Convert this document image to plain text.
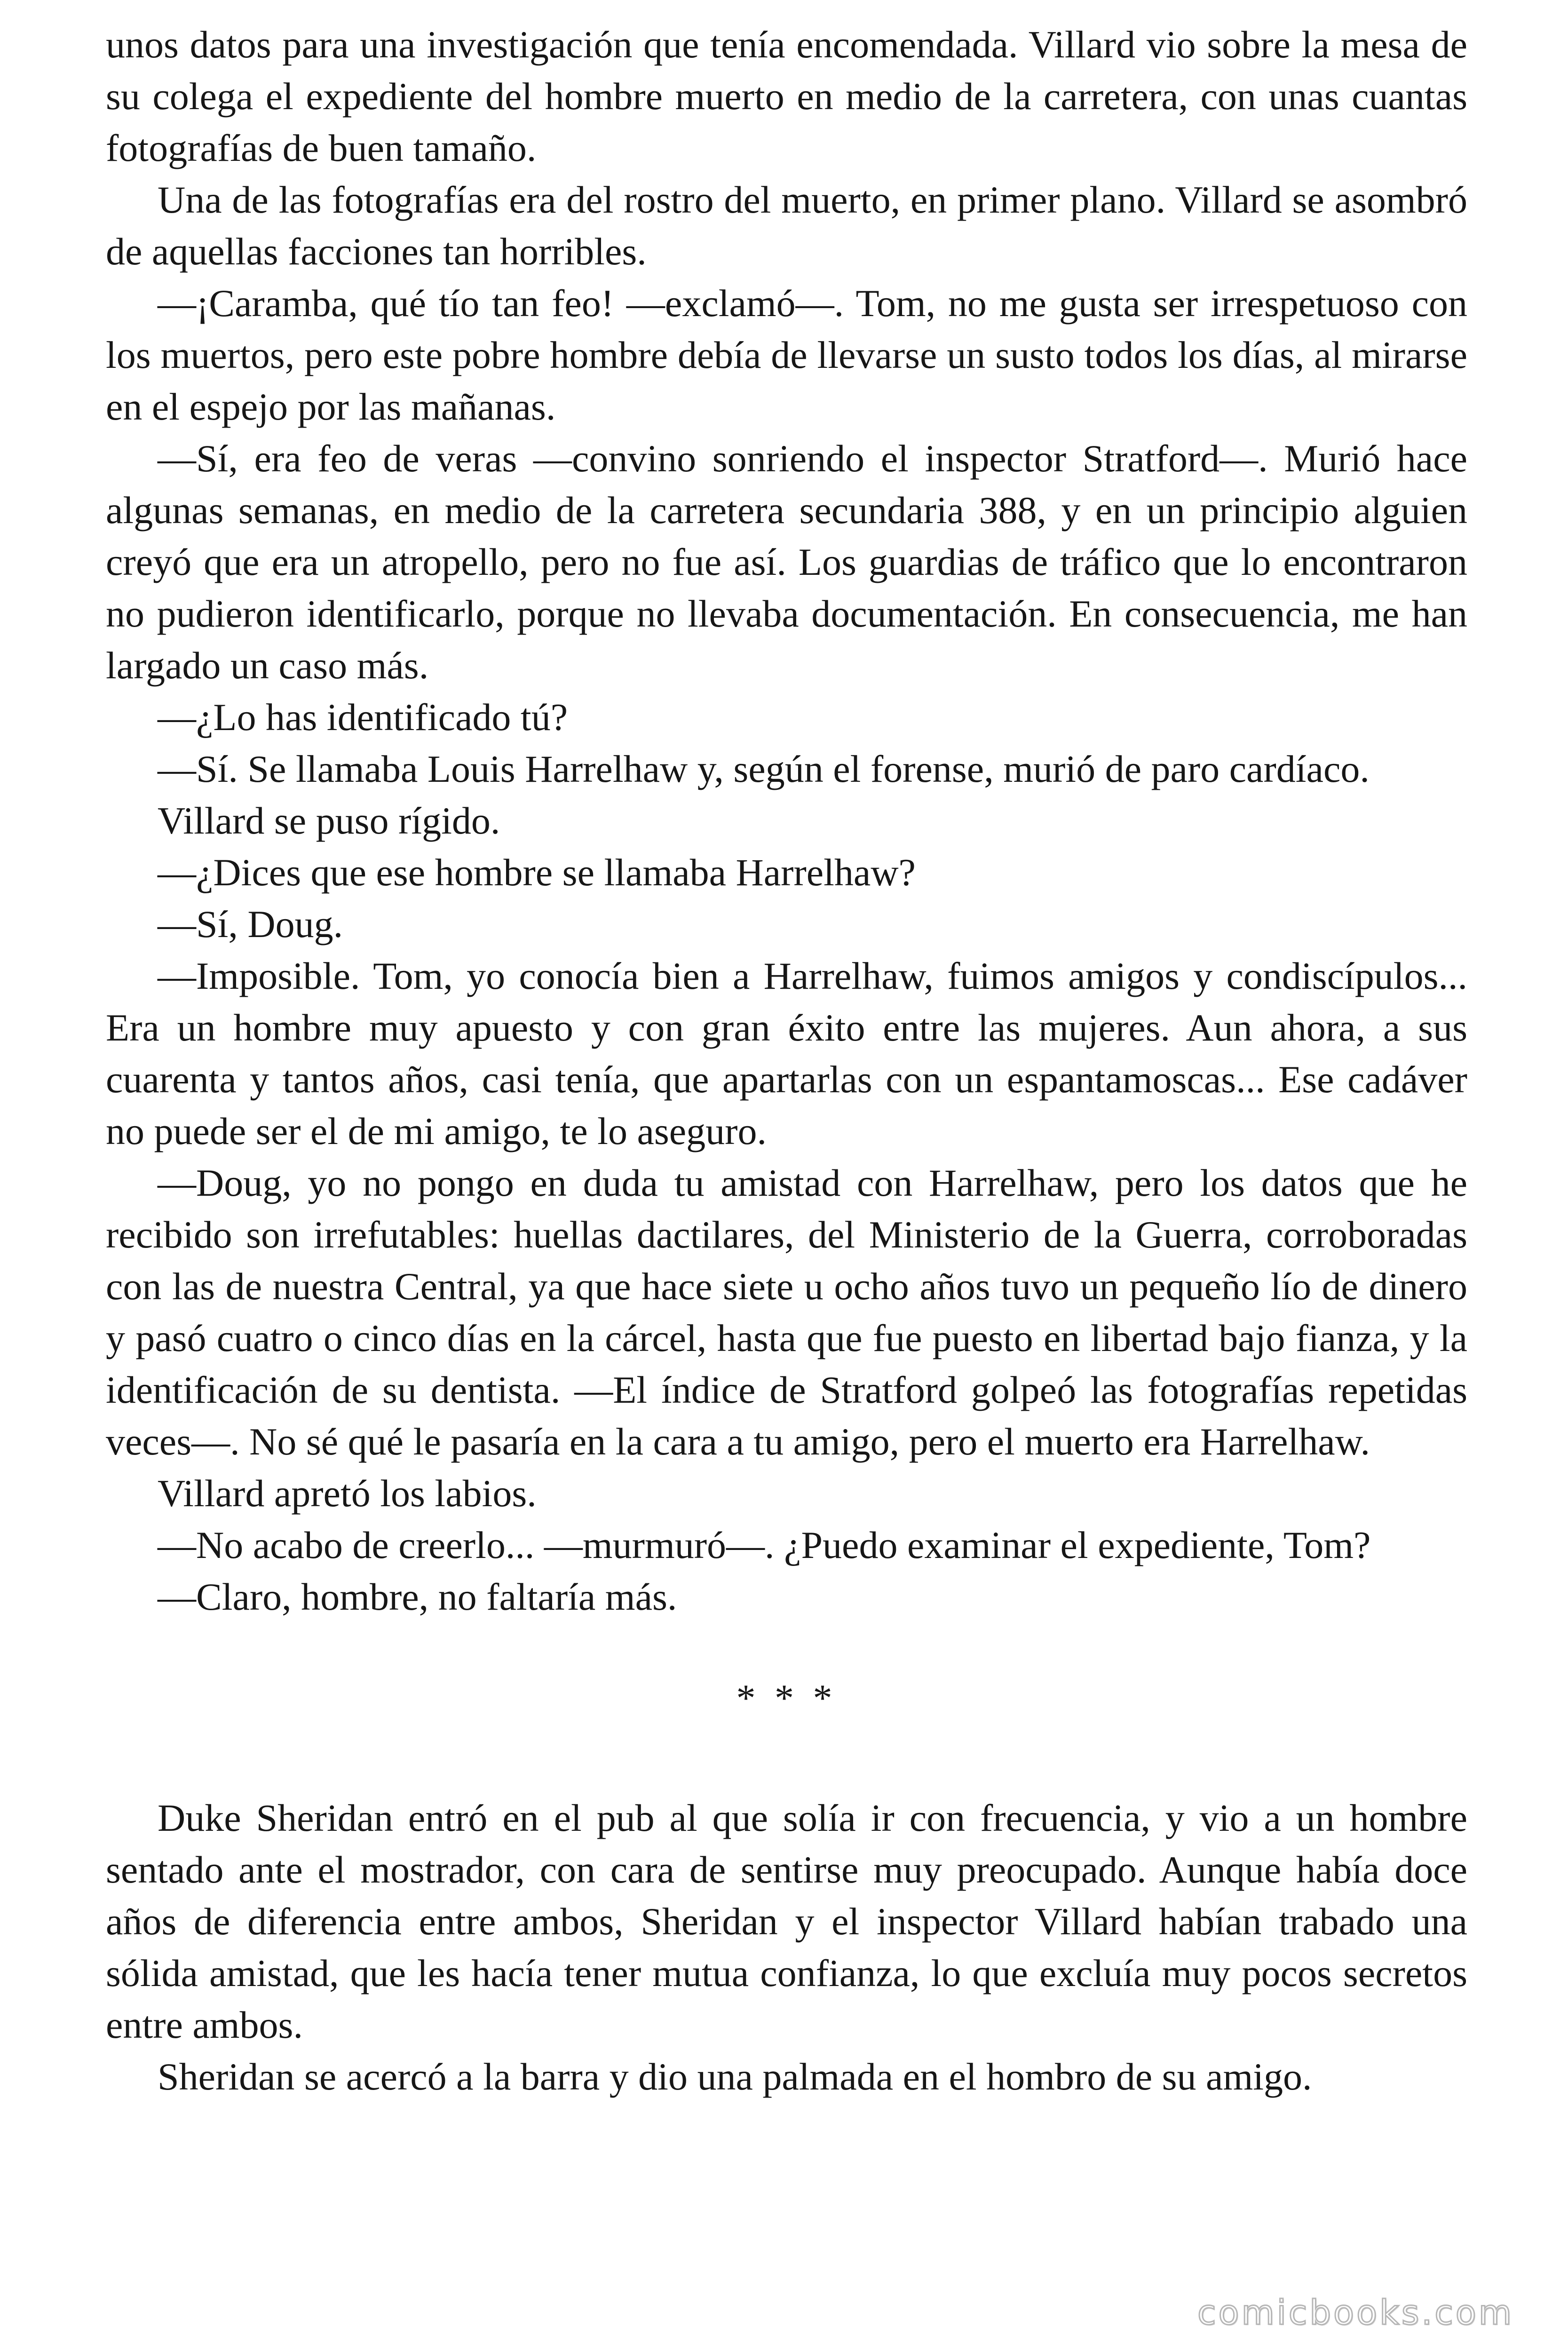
unos datos para una investigación que tenía encomendada. Villard vio sobre la mesa de su colega el expediente del hombre muerto en medio de la carretera, con unas cuantas fotografías de buen tamaño.

Una de las fotografías era del rostro del muerto, en primer plano. Villard se asombró de aquellas facciones tan horribles.

—¡Caramba, qué tío tan feo! —exclamó—. Tom, no me gusta ser irrespetuoso con los muertos, pero este pobre hombre debía de llevarse un susto todos los días, al mirarse en el espejo por las mañanas.

—Sí, era feo de veras —convino sonriendo el inspector Stratford—. Murió hace algunas semanas, en medio de la carretera secundaria 388, y en un principio alguien creyó que era un atropello, pero no fue así. Los guardias de tráfico que lo encontraron no pudieron identificarlo, porque no llevaba documentación. En consecuencia, me han largado un caso más.

—¿Lo has identificado tú?

—Sí. Se llamaba Louis Harrelhaw y, según el forense, murió de paro cardíaco.

Villard se puso rígido.

—¿Dices que ese hombre se llamaba Harrelhaw?

—Sí, Doug.

—Imposible. Tom, yo conocía bien a Harrelhaw, fuimos amigos y condiscípulos... Era un hombre muy apuesto y con gran éxito entre las mujeres. Aun ahora, a sus cuarenta y tantos años, casi tenía, que apartarlas con un espantamoscas... Ese cadáver no puede ser el de mi amigo, te lo aseguro.

—Doug, yo no pongo en duda tu amistad con Harrelhaw, pero los datos que he recibido son irrefutables: huellas dactilares, del Ministerio de la Guerra, corroboradas con las de nuestra Central, ya que hace siete u ocho años tuvo un pequeño lío de dinero y pasó cuatro o cinco días en la cárcel, hasta que fue puesto en libertad bajo fianza, y la identificación de su dentista. —El índice de Stratford golpeó las fotografías repetidas veces—. No sé qué le pasaría en la cara a tu amigo, pero el muerto era Harrelhaw.

Villard apretó los labios.

—No acabo de creerlo... —murmuró—. ¿Puedo examinar el expediente, Tom?

—Claro, hombre, no faltaría más.

* * *

Duke Sheridan entró en el pub al que solía ir con frecuencia, y vio a un hombre sentado ante el mostrador, con cara de sentirse muy preocupado. Aunque había doce años de diferencia entre ambos, Sheridan y el inspector Villard habían trabado una sólida amistad, que les hacía tener mutua confianza, lo que excluía muy pocos secretos entre ambos.

Sheridan se acercó a la barra y dio una palmada en el hombro de su amigo.

comicbooks.com
